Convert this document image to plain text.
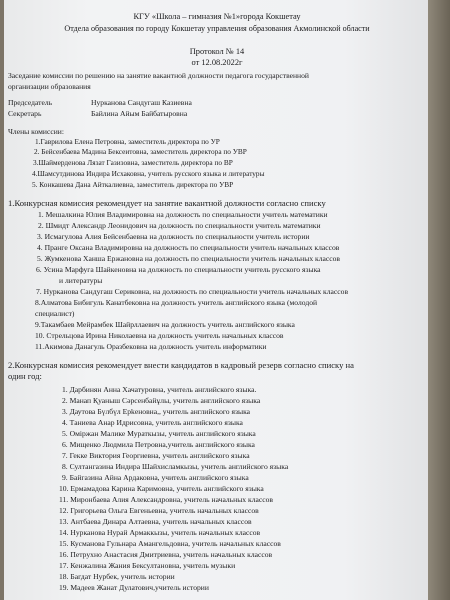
КГУ «Школа – гимназия №1»города Кокшетау
Отдела образования по городу Кокшетау управления образования Акмолинской области
Протокол № 14
от 12.08.2022г
Заседание комиссии по решению на занятие вакантной должности педагога государственной
организации образования
Председатель	Нурканова Сандугаш Казиевна
Секретарь	Байлина Айым Байбатыровна
Члены комиссии:
1.Гаврилова Елена Петровна, заместитель директора по УР
2. Бейсенбаева Мадина Бексеитовна, заместитель директора по УВР
3.Шаймерденова Лязат Газизовна, заместитель директора по ВР
4.Шамсутдинова Индира Исхаковна, учитель русского языка и литературы
5. Конкашева Дана Айткалиевна, заместитель директора по УВР
1.Конкурсная комиссия рекомендует на занятие вакантной должности согласно списку
1. Мешалкина Юлия Владимировна на должность по специальности учитель математики
2. Шмидт Александр Леонидович на должность по специальности учитель математики
3. Исмагулова Алия Бейсенбаевна на должность по специальности учитель истории
4. Пранге Оксана Владимировна на должность по специальности учитель начальных классов
5. Жумкенова Ханша Ержановна на должность по специальности учитель начальных классов
6. Усина Марфуга Шайкеновна на должность по специальности учитель русского языка
и литературы
7. Нурканова Сандугаш Сериковна, на должность по специальности учитель начальных классов
8.Алматова Бибигуль Канатбековна на должность учитель английского языка (молодой
специалист)
9.Такамбаев Мейрамбек Шайрллаевич на должность учитель английского языка
10. Стрельцова Ирина Николаевна на должность учитель начальных классов
11.Акимова Данагуль Оразбековна на должность учитель информатики
2.Конкурсная комиссия рекомендует внести кандидатов в кадровый резерв согласно списку на
один год:
1. Дарбинян Анна Хачатуровна, учитель английского языка.
2. Манап Қуаныш Сәрсенбайұлы, учитель английского языка
3. Даутова Бүлбүл Ерkеновна,, учитель английского языка
4. Тaниева Анар Идрисовна, учитель английского языка
5. Омiржан Малике Мураткызы, учитель английского языка
6. Мищенко Людмила Петровна,учитель английского языка
7. Гекке Виктория Георгиевна, учитель английского языка
8. Султангазина Индира Шайхисламкызы, учитель английского языка
9. Байгазина Айна Ардаковна, учитель английского языка
10. Ермамадова Карина Каримовна, учитель английского языка
11. Миронбаева Алия Александровна, учитель начальных классов
12. Григорьева Ольга Евгеньевна, учитель начальных классов
13. Антбаева Динара Алтаевна, учитель начальных классов
14. Нурканова Нурай Армаккызы, учитель начальных классов
15. Кусманова Гульнара Амангельдовна, учитель начальных классов
16. Петрухно Анастасия Дмитриевна, учитель начальных классов
17. Кенжалина Жания Бексултановна, учитель музыки
18. Багдат Нурбек, учитель истории
19. Мадеев Жанат Дулатович,учитель истории
